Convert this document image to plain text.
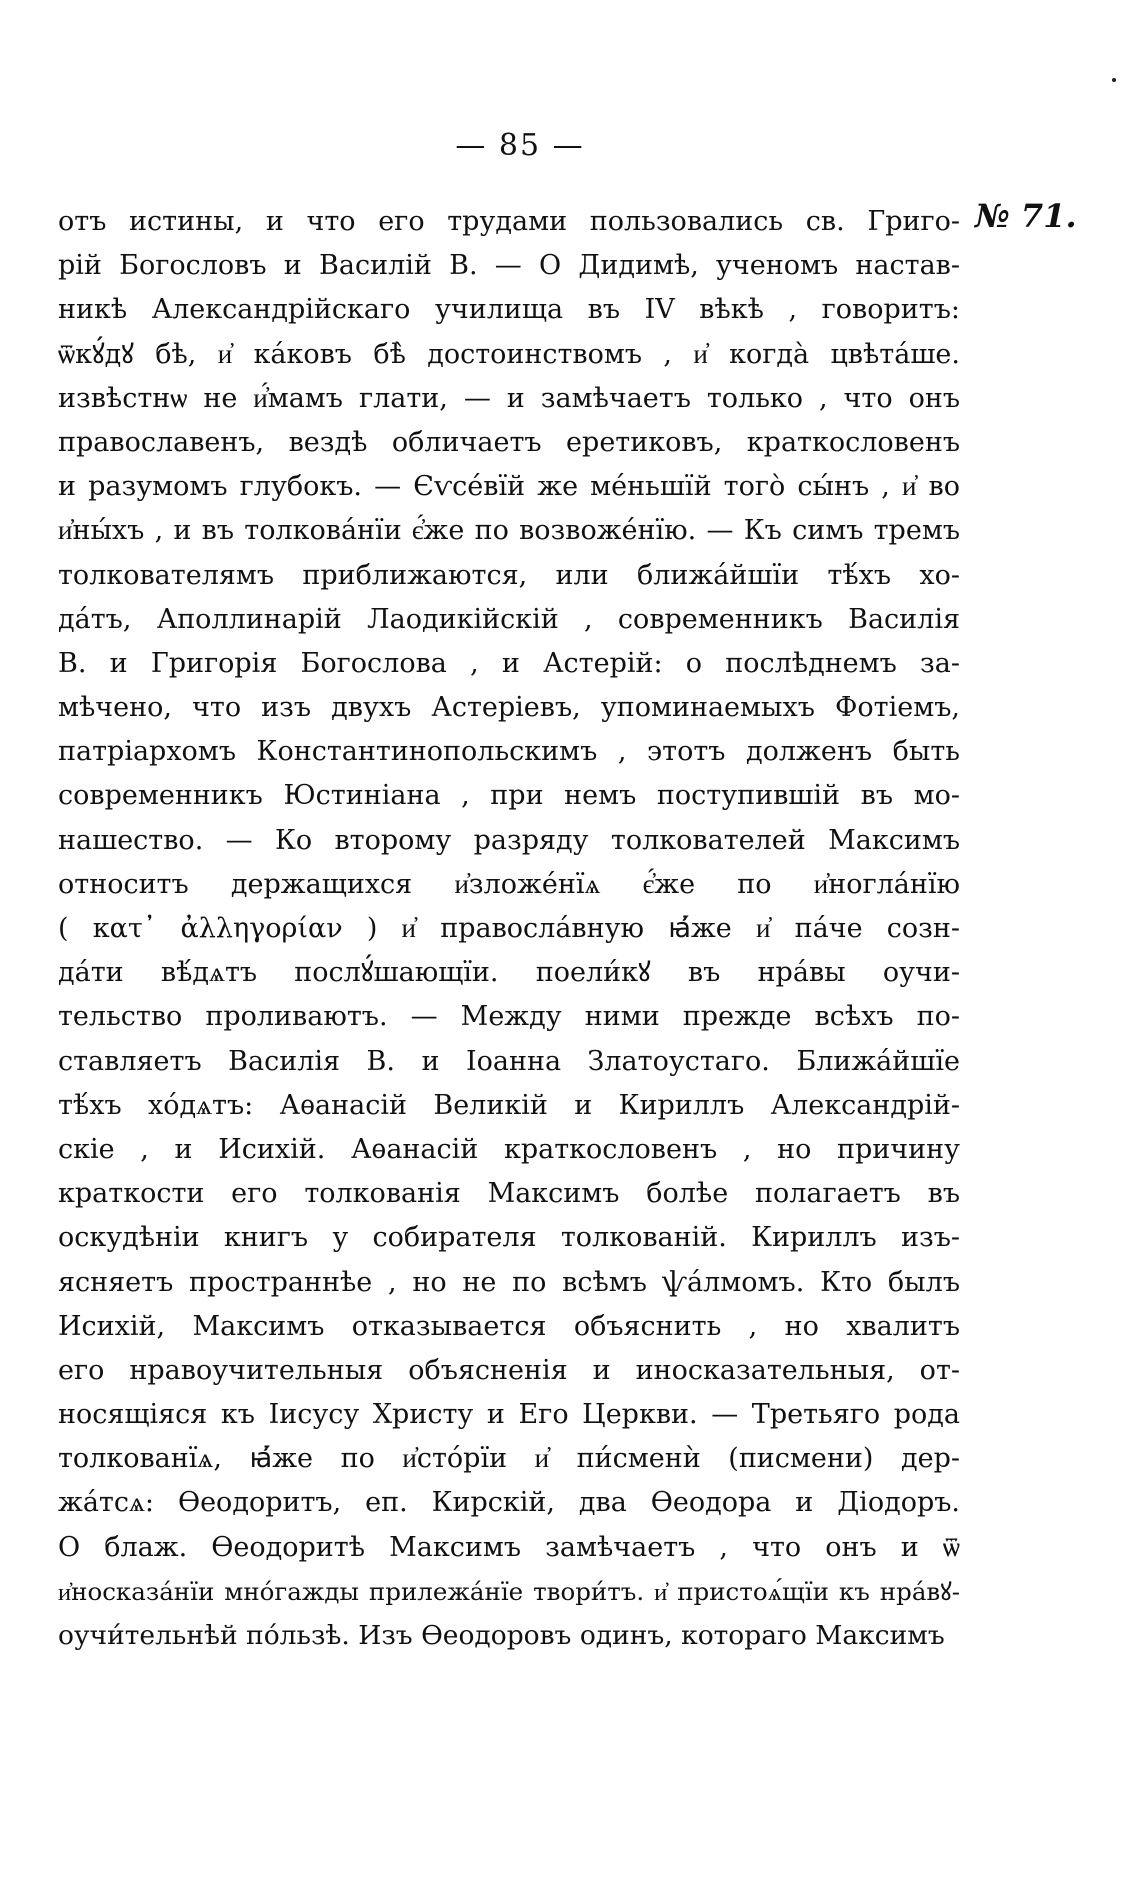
— 85 —
№ 71.
отъ истины, и что его трудами пользовались св. Григо-
рій Богословъ и Василій В. — О Дидимѣ, ученомъ настав-
никѣ Александрійскаго училища въ IV вѣкѣ , говоритъ:
ѿкꙋ́дꙋ бѣ, и҆ ка́ковъ бѣ̀ достоинствомъ , и҆ когда̀ цвѣта́ше.
извѣстнѡ не и҆́мамъ глати, — и замѣчаетъ только , что онъ
православенъ, вездѣ обличаетъ еретиковъ, краткословенъ
и разумомъ глубокъ. — Єѵсе́вїй же ме́ньшїй того̀ сы́нъ , и҆ во
и҆ны́хъ , и въ толкова́нїи є҆́же по возвоже́нїю. — Къ симъ тремъ
толкователямъ приближаются, или ближа́йшїи тѣ́хъ хо-
да́тъ, Аполлинарій Лаодикійскій , современникъ Василія
В. и Григорія Богослова , и Астерій: о послѣднемъ за-
мѣчено, что изъ двухъ Астеріевъ, упоминаемыхъ Фотіемъ,
патріархомъ Константинопольскимъ , этотъ долженъ быть
современникъ Юстиніана , при немъ поступившій въ мо-
нашество. — Ко второму разряду толкователей Максимъ
относитъ держащихся и҆зложе́нїѧ є҆́же по и҆ногла́нїю
( κατ᾽ ἀλληγορίαν ) и҆ правосла́вную ꙗ҆́же и҆ па́че созн-
да́ти вѣ́дѧтъ послꙋ́шающїи. поели́кꙋ въ нра́вы оучи-
тельство проливаютъ. — Между ними прежде всѣхъ по-
ставляетъ Василія В. и Іоанна Златоустаго. Ближа́йшїе
тѣ́хъ хо́дѧтъ: Аѳанасій Великій и Кириллъ Александрій-
скіе , и Исихій. Аѳанасій краткословенъ , но причину
краткости его толкованія Максимъ болѣе полагаетъ въ
оскудѣніи книгъ у собирателя толкованій. Кириллъ изъ-
ясняетъ пространнѣе , но не по всѣмъ ѱа́лмомъ. Кто былъ
Исихій, Максимъ отказывается объяснить , но хвалитъ
его нравоучительныя объясненія и иносказательныя, от-
носящіяся къ Іисусу Христу и Его Церкви. — Третьяго рода
толкованїѧ, ꙗ҆́же по и҆сто́рїи и҆ пи́сменѝ (писмени) дер-
жа́тсѧ: Ѳеодоритъ, еп. Кирскій, два Ѳеодора и Діодоръ.
О блаж. Ѳеодоритѣ Максимъ замѣчаетъ , что онъ и ѿ
и҆носказа́нїи мно́гажды прилежа́нїе твори́тъ. и҆ пристоѧ́щїи къ нра́вꙋ-
оучи́тельнѣй по́льзѣ. Изъ Ѳеодоровъ одинъ, котораго Максимъ
